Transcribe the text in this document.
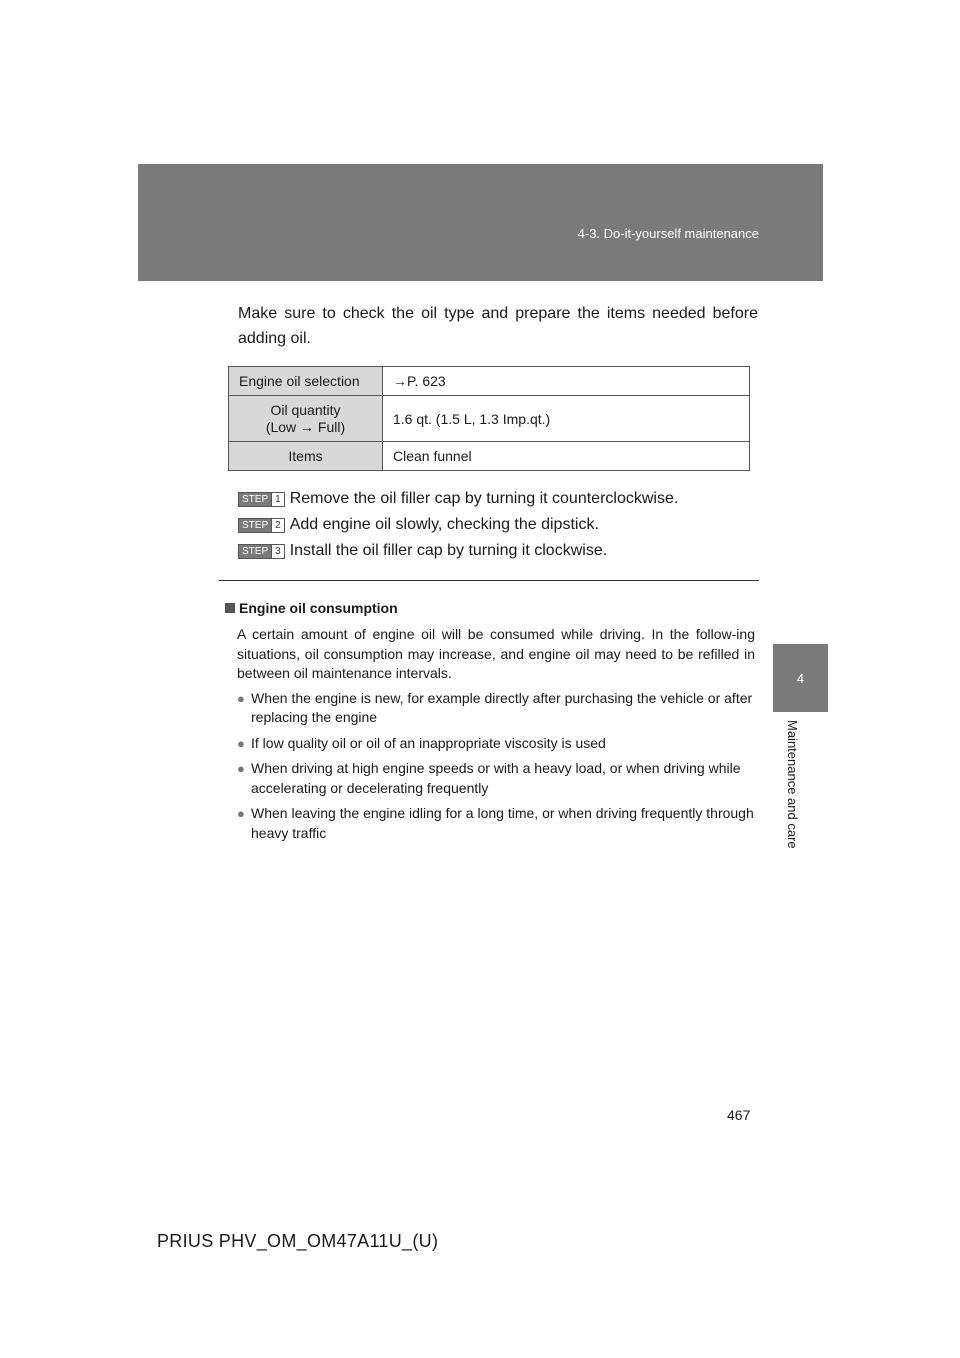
4-3. Do-it-yourself maintenance
4
Maintenance and care

Make sure to check the oil type and prepare the items needed before adding oil.

Engine oil selection	→P. 623

Oil quantity
(Low → Full)	1.6 qt. (1.5 L, 1.3 Imp.qt.)
Items	Clean funnel
STEP 1 Remove the oil filler cap by turning it counterclockwise.
STEP 2 Add engine oil slowly, checking the dipstick.
STEP 3 Install the oil filler cap by turning it clockwise.
Engine oil consumption

A certain amount of engine oil will be consumed while driving. In the follow-ing situations, oil consumption may increase, and engine oil may need to be refilled in between oil maintenance intervals.

● When the engine is new, for example directly after purchasing the vehicle or after replacing the engine
● If low quality oil or oil of an inappropriate viscosity is used
● When driving at high engine speeds or with a heavy load, or when driving while accelerating or decelerating frequently
● When leaving the engine idling for a long time, or when driving frequently through heavy traffic
467
PRIUS PHV_OM_OM47A11U_(U)
